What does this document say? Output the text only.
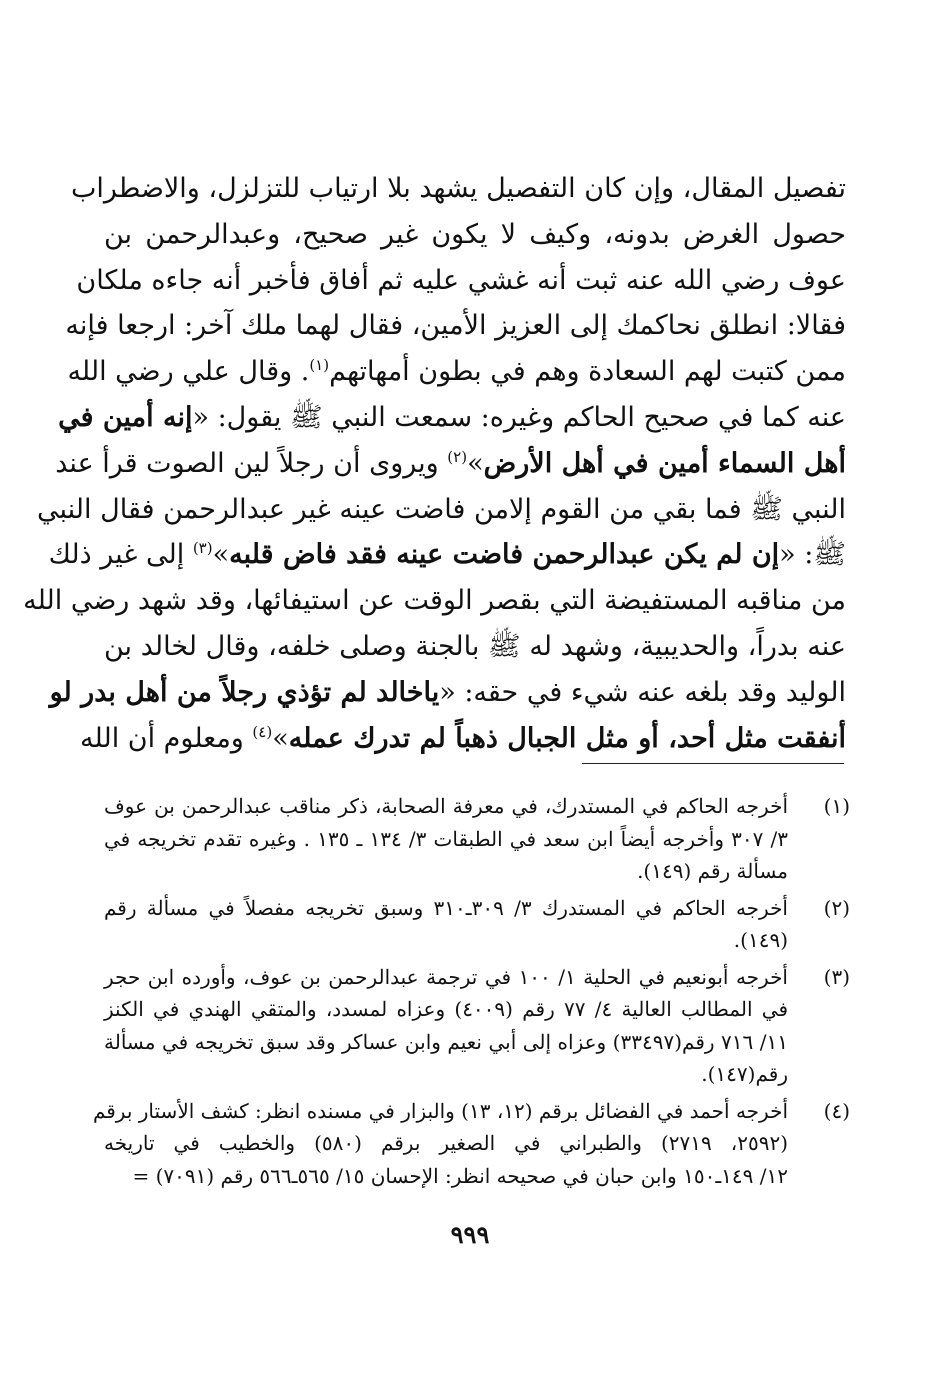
تفصيل المقال، وإن كان التفصيل يشهد بلا ارتياب للتزلزل، والاضطراب
حصول الغرض بدونه، وكيف لا يكون غير صحيح، وعبدالرحمن بن
عوف رضي الله عنه ثبت أنه غشي عليه ثم أفاق فأخبر أنه جاءه ملكان
فقالا: انطلق نحاكمك إلى العزيز الأمين، فقال لهما ملك آخر: ارجعا فإنه
ممن كتبت لهم السعادة وهم في بطون أمهاتهم$^{(١)}$. وقال علي رضي الله
عنه كما في صحيح الحاكم وغيره: سمعت النبي ﷺ يقول: «إنه أمين في
أهل السماء أمين في أهل الأرض»$^{(٢)}$ ويروى أن رجلاً لين الصوت قرأ عند
النبي ﷺ فما بقي من القوم إلامن فاضت عينه غير عبدالرحمن فقال النبي
ﷺ: «إن لم يكن عبدالرحمن فاضت عينه فقد فاض قلبه»$^{(٣)}$ إلى غير ذلك
من مناقبه المستفيضة التي بقصر الوقت عن استيفائها، وقد شهد رضي الله
عنه بدراً، والحديبية، وشهد له ﷺ بالجنة وصلى خلفه، وقال لخالد بن
الوليد وقد بلغه عنه شيء في حقه: «ياخالد لم تؤذي رجلاً من أهل بدر لو
أنفقت مثل أحد، أو مثل الجبال ذهباً لم تدرك عمله»$^{(٤)}$ ومعلوم أن الله
(١)
أخرجه الحاكم في المستدرك، في معرفة الصحابة، ذكر مناقب عبدالرحمن بن عوف
٣/ ٣٠٧ وأخرجه أيضاً ابن سعد في الطبقات ٣/ ١٣٤ ـ ١٣٥ . وغيره تقدم تخريجه في
مسألة رقم (١٤٩).
(٢)
أخرجه الحاكم في المستدرك ٣/ ٣٠٩ـ٣١٠ وسبق تخريجه مفصلاً في مسألة رقم
(١٤٩).
(٣)
أخرجه أبونعيم في الحلية ١/ ١٠٠ في ترجمة عبدالرحمن بن عوف، وأورده ابن حجر
في المطالب العالية ٤/ ٧٧ رقم (٤٠٠٩) وعزاه لمسدد، والمتقي الهندي في الكنز
١١/ ٧١٦ رقم(٣٣٤٩٧) وعزاه إلى أبي نعيم وابن عساكر وقد سبق تخريجه في مسألة
رقم(١٤٧).
(٤)
أخرجه أحمد في الفضائل برقم (١٢، ١٣) والبزار في مسنده انظر: كشف الأستار برقم
(٢٥٩٢، ٢٧١٩) والطبراني في الصغير برقم (٥٨٠) والخطيب في تاريخه
١٢/ ١٤٩ـ١٥٠ وابن حبان في صحيحه انظر: الإحسان ١٥/ ٥٦٥ـ٥٦٦ رقم (٧٠٩١) =
٩٩٩
